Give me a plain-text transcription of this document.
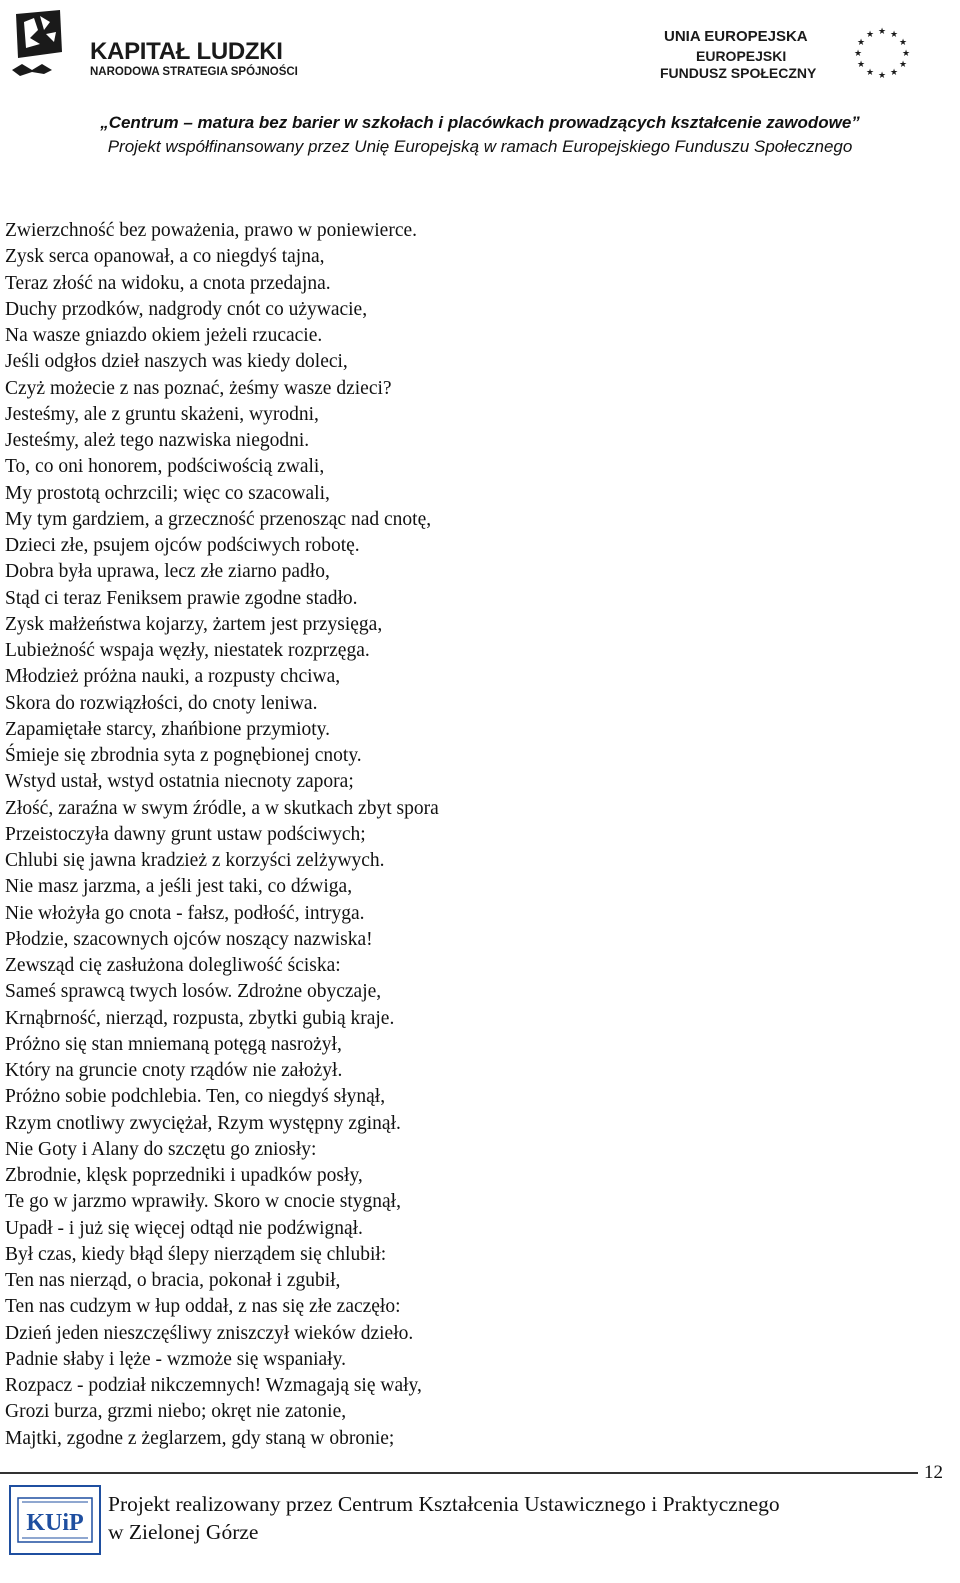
KAPITAŁ LUDZKI
NARODOWA STRATEGIA SPÓJNOŚCI
UNIA EUROPEJSKA
EUROPEJSKI
FUNDUSZ SPOŁECZNY
★ ★
★
★
★
★
★
★
★
★
★
★
„Centrum – matura bez barier w szkołach i placówkach prowadzących kształcenie zawodowe”
Projekt współfinansowany przez Unię Europejską w ramach Europejskiego Funduszu Społecznego
Zwierzchność bez poważenia, prawo w poniewierce.
Zysk serca opanował, a co niegdyś tajna,
Teraz złość na widoku, a cnota przedajna.
Duchy przodków, nadgrody cnót co używacie,
Na wasze gniazdo okiem jeżeli rzucacie.
Jeśli odgłos dzieł naszych was kiedy doleci,
Czyż możecie z nas poznać, żeśmy wasze dzieci?
Jesteśmy, ale z gruntu skażeni, wyrodni,
Jesteśmy, ależ tego nazwiska niegodni.
To, co oni honorem, podściwością zwali,
My prostotą ochrzcili; więc co szacowali,
My tym gardziem, a grzeczność przenosząc nad cnotę,
Dzieci złe, psujem ojców podściwych robotę.
Dobra była uprawa, lecz złe ziarno padło,
Stąd ci teraz Feniksem prawie zgodne stadło.
Zysk małżeństwa kojarzy, żartem jest przysięga,
Lubieżność wspaja węzły, niestatek rozprzęga.
Młodzież próżna nauki, a rozpusty chciwa,
Skora do rozwiązłości, do cnoty leniwa.
Zapamiętałe starcy, zhańbione przymioty.
Śmieje się zbrodnia syta z pognębionej cnoty.
Wstyd ustał, wstyd ostatnia niecnoty zapora;
Złość, zaraźna w swym źródle, a w skutkach zbyt spora
Przeistoczyła dawny grunt ustaw podściwych;
Chlubi się jawna kradzież z korzyści zelżywych.
Nie masz jarzma, a jeśli jest taki, co dźwiga,
Nie włożyła go cnota - fałsz, podłość, intryga.
Płodzie, szacownych ojców noszący nazwiska!
Zewsząd cię zasłużona dolegliwość ściska:
Sameś sprawcą twych losów. Zdrożne obyczaje,
Krnąbrność, nierząd, rozpusta, zbytki gubią kraje.
Próżno się stan mniemaną potęgą nasrożył,
Który na gruncie cnoty rządów nie założył.
Próżno sobie podchlebia. Ten, co niegdyś słynął,
Rzym cnotliwy zwyciężał, Rzym występny zginął.
Nie Goty i Alany do szczętu go zniosły:
Zbrodnie, klęsk poprzedniki i upadków posły,
Te go w jarzmo wprawiły. Skoro w cnocie stygnął,
Upadł - i już się więcej odtąd nie podźwignął.
Był czas, kiedy błąd ślepy nierządem się chlubił:
Ten nas nierząd, o bracia, pokonał i zgubił,
Ten nas cudzym w łup oddał, z nas się złe zaczęło:
Dzień jeden nieszczęśliwy zniszczył wieków dzieło.
Padnie słaby i lęże - wzmoże się wspaniały.
Rozpacz - podział nikczemnych! Wzmagają się wały,
Grozi burza, grzmi niebo; okręt nie zatonie,
Majtki, zgodne z żeglarzem, gdy staną w obronie;
12
KUiP
Projekt realizowany przez Centrum Kształcenia Ustawicznego i Praktycznego
w Zielonej Górze
